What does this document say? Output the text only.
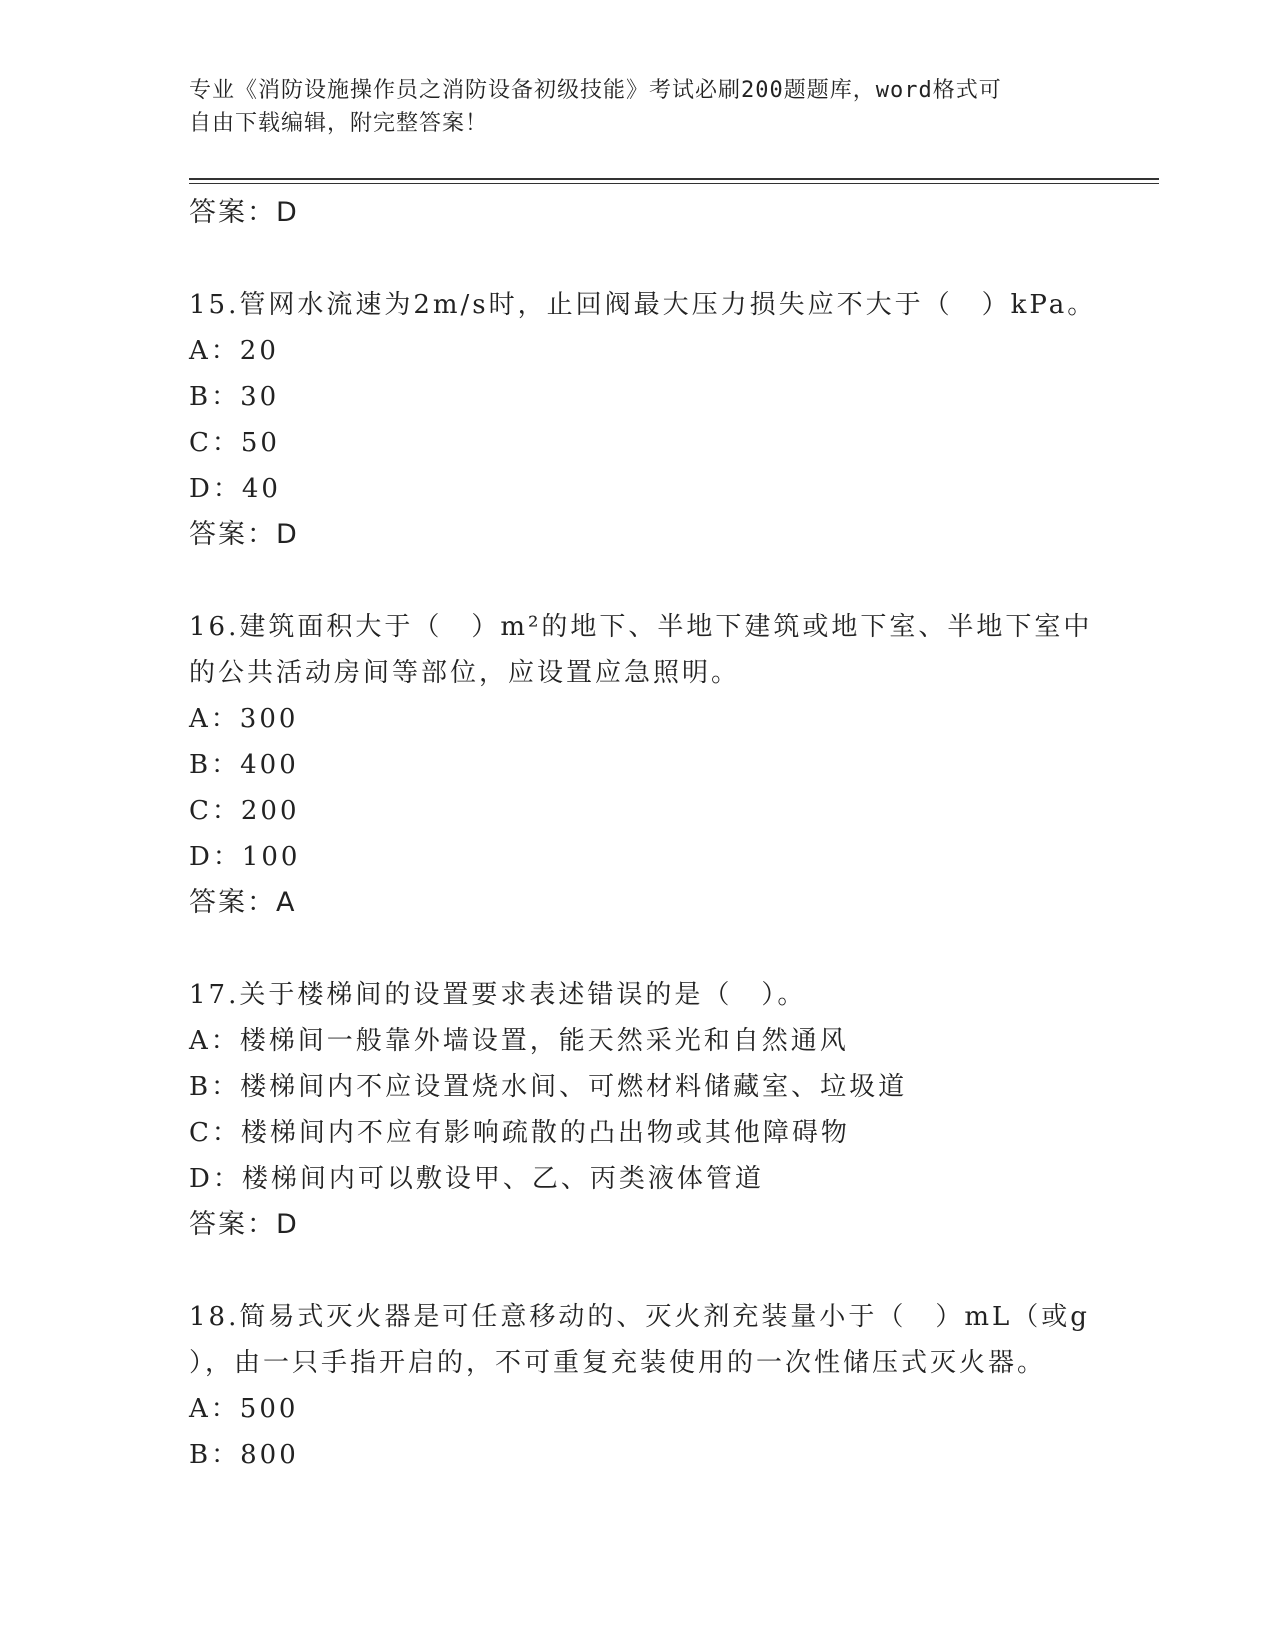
专业《消防设施操作员之消防设备初级技能》考试必刷200题题库，word格式可
自由下载编辑，附完整答案！
答案：D
15.管网水流速为2m/s时，止回阀最大压力损失应不大于（　）kPa。
A：20
B：30
C：50
D：40
答案：D
16.建筑面积大于（　）m²的地下、半地下建筑或地下室、半地下室中
的公共活动房间等部位，应设置应急照明。
A：300
B：400
C：200
D：100
答案：A
17.关于楼梯间的设置要求表述错误的是（　）。
A：楼梯间一般靠外墙设置，能天然采光和自然通风
B：楼梯间内不应设置烧水间、可燃材料储藏室、垃圾道
C：楼梯间内不应有影响疏散的凸出物或其他障碍物
D：楼梯间内可以敷设甲、乙、丙类液体管道
答案：D
18.简易式灭火器是可任意移动的、灭火剂充装量小于（　）mL（或g
），由一只手指开启的，不可重复充装使用的一次性储压式灭火器。
A：500
B：800
